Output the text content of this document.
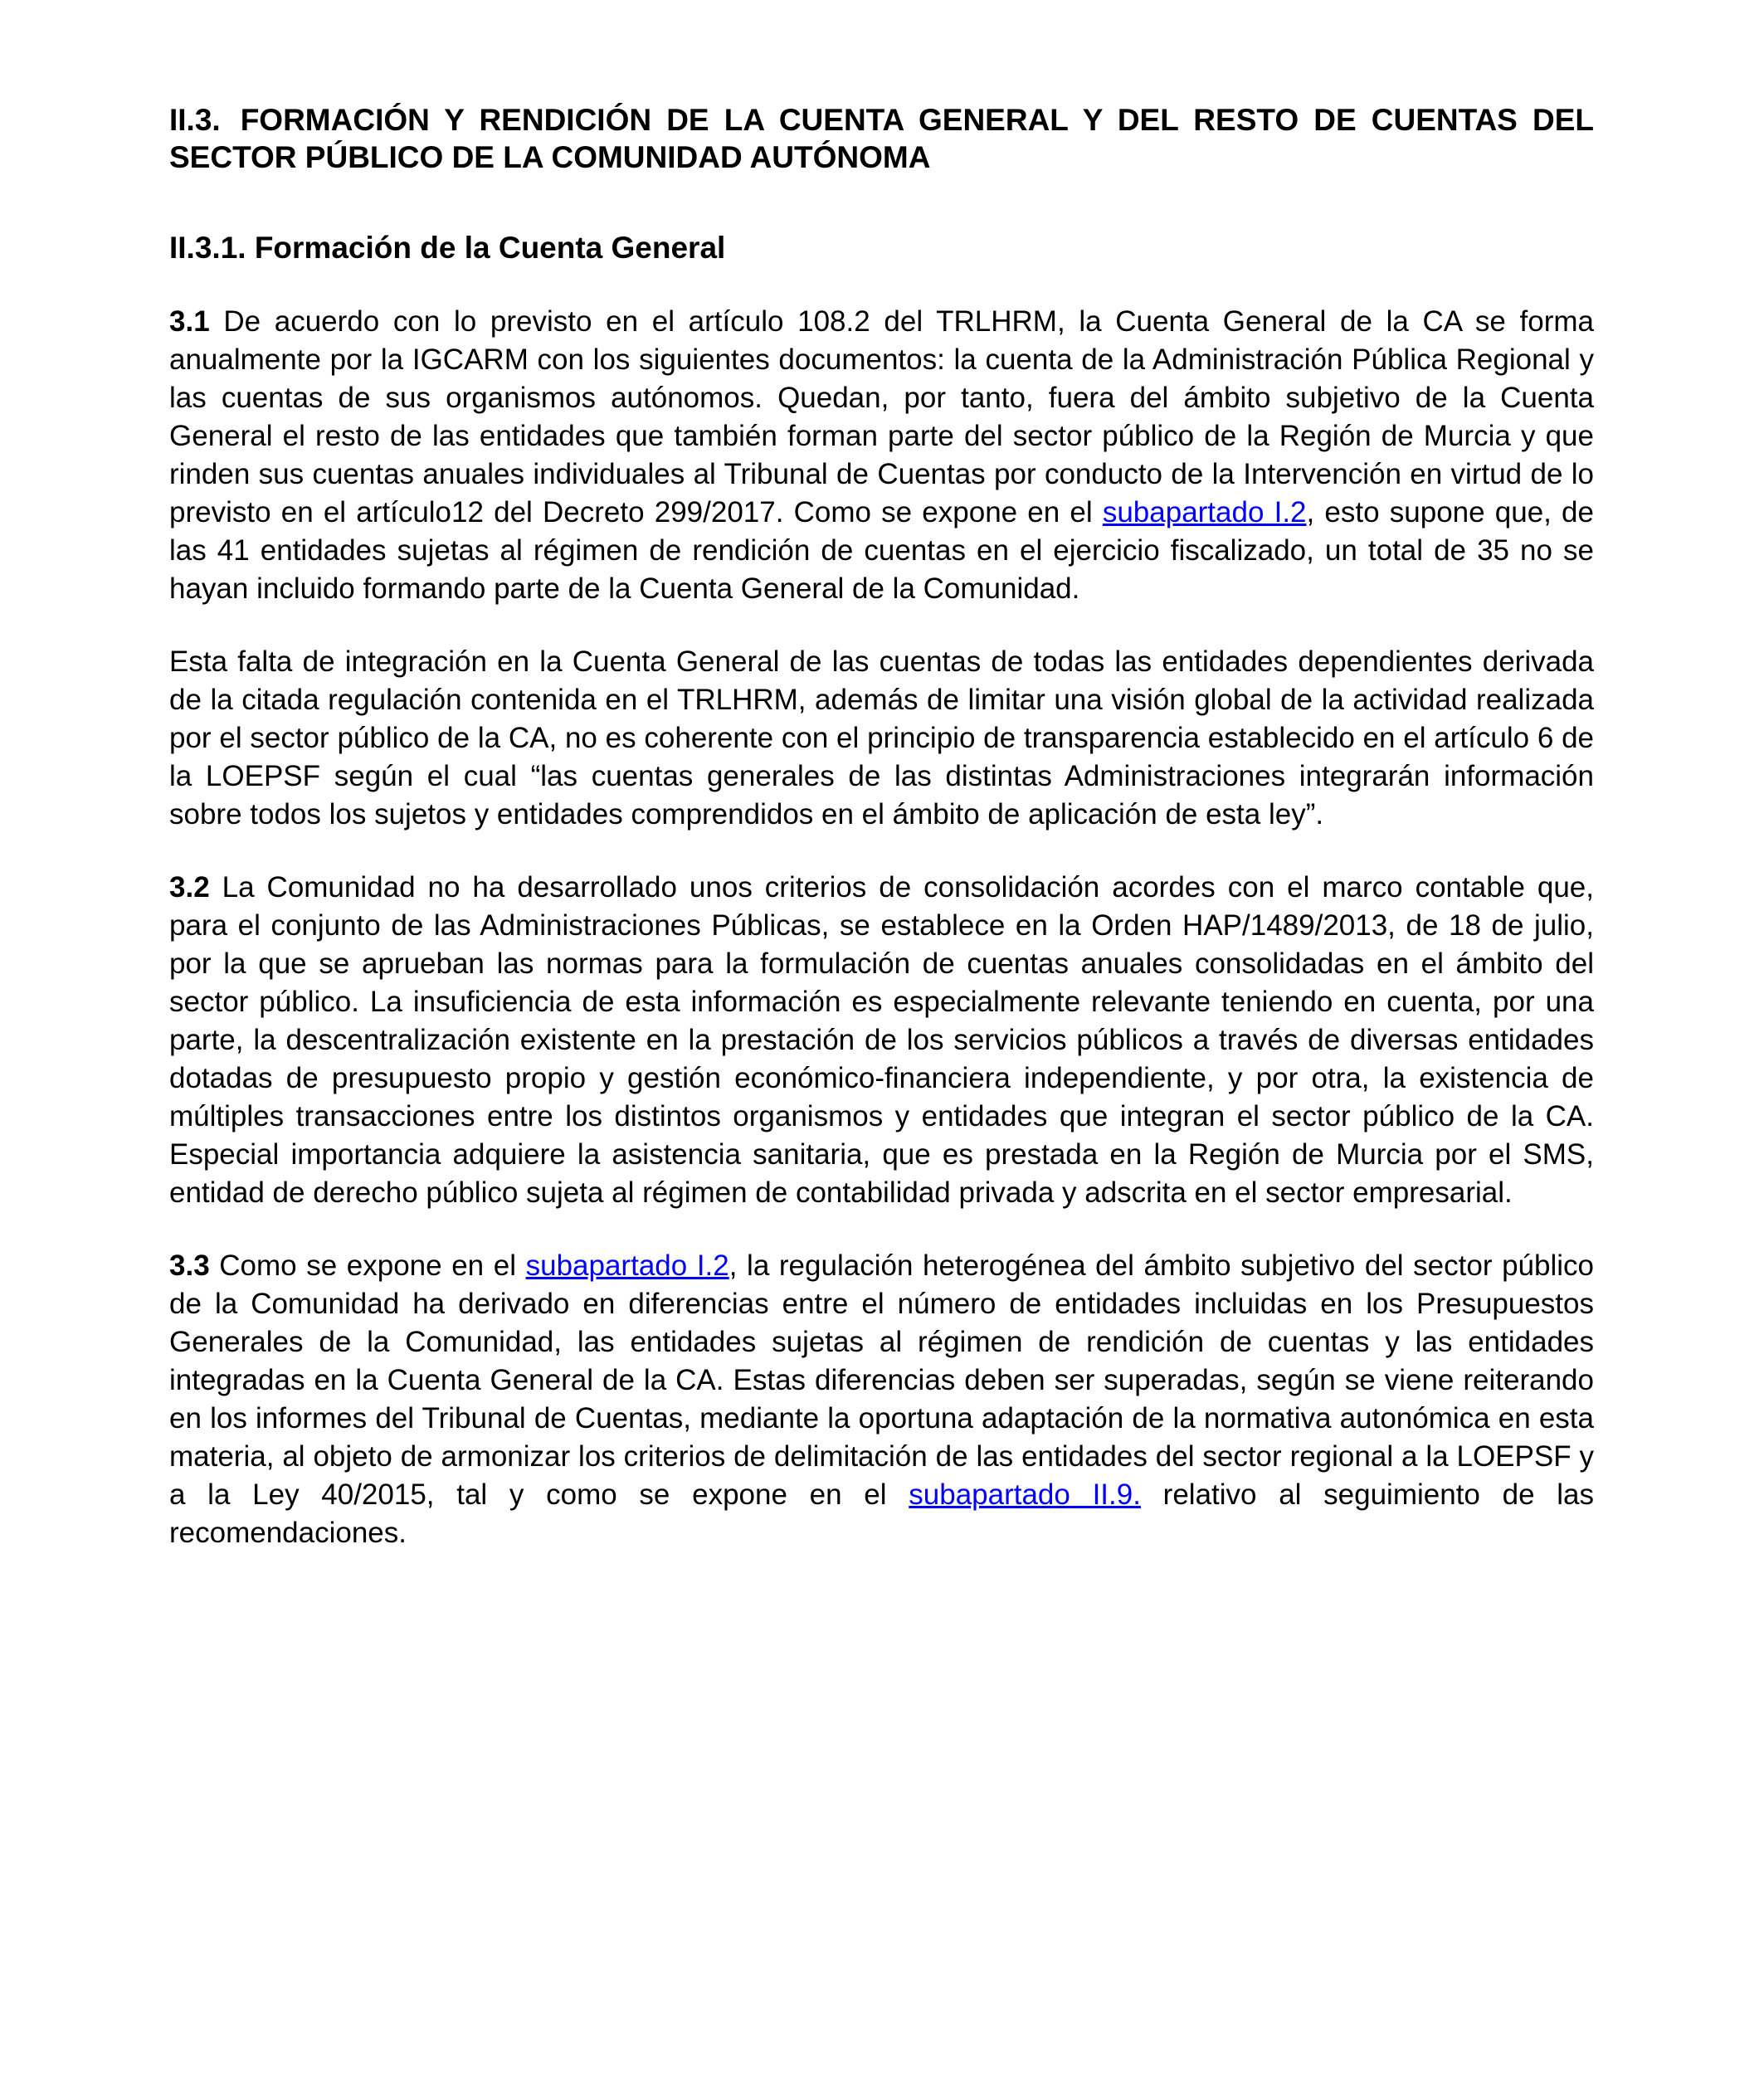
II.3. FORMACIÓN Y RENDICIÓN DE LA CUENTA GENERAL Y DEL RESTO DE CUENTAS DEL SECTOR PÚBLICO DE LA COMUNIDAD AUTÓNOMA

II.3.1. Formación de la Cuenta General

3.1 De acuerdo con lo previsto en el artículo 108.2 del TRLHRM, la Cuenta General de la CA se forma anualmente por la IGCARM con los siguientes documentos: la cuenta de la Administración Pública Regional y las cuentas de sus organismos autónomos. Quedan, por tanto, fuera del ámbito subjetivo de la Cuenta General el resto de las entidades que también forman parte del sector público de la Región de Murcia y que rinden sus cuentas anuales individuales al Tribunal de Cuentas por conducto de la Intervención en virtud de lo previsto en el artículo12 del Decreto 299/2017. Como se expone en el subapartado I.2, esto supone que, de las 41 entidades sujetas al régimen de rendición de cuentas en el ejercicio fiscalizado, un total de 35 no se hayan incluido formando parte de la Cuenta General de la Comunidad.

Esta falta de integración en la Cuenta General de las cuentas de todas las entidades dependientes derivada de la citada regulación contenida en el TRLHRM, además de limitar una visión global de la actividad realizada por el sector público de la CA, no es coherente con el principio de transparencia establecido en el artículo 6 de la LOEPSF según el cual “las cuentas generales de las distintas Administraciones integrarán información sobre todos los sujetos y entidades comprendidos en el ámbito de aplicación de esta ley”.

3.2 La Comunidad no ha desarrollado unos criterios de consolidación acordes con el marco contable que, para el conjunto de las Administraciones Públicas, se establece en la Orden HAP/1489/2013, de 18 de julio, por la que se aprueban las normas para la formulación de cuentas anuales consolidadas en el ámbito del sector público. La insuficiencia de esta información es especialmente relevante teniendo en cuenta, por una parte, la descentralización existente en la prestación de los servicios públicos a través de diversas entidades dotadas de presupuesto propio y gestión económico-financiera independiente, y por otra, la existencia de múltiples transacciones entre los distintos organismos y entidades que integran el sector público de la CA. Especial importancia adquiere la asistencia sanitaria, que es prestada en la Región de Murcia por el SMS, entidad de derecho público sujeta al régimen de contabilidad privada y adscrita en el sector empresarial.

3.3 Como se expone en el subapartado I.2, la regulación heterogénea del ámbito subjetivo del sector público de la Comunidad ha derivado en diferencias entre el número de entidades incluidas en los Presupuestos Generales de la Comunidad, las entidades sujetas al régimen de rendición de cuentas y las entidades integradas en la Cuenta General de la CA. Estas diferencias deben ser superadas, según se viene reiterando en los informes del Tribunal de Cuentas, mediante la oportuna adaptación de la normativa autonómica en esta materia, al objeto de armonizar los criterios de delimitación de las entidades del sector regional a la LOEPSF y a la Ley 40/2015, tal y como se expone en el subapartado II.9. relativo al seguimiento de las recomendaciones.
